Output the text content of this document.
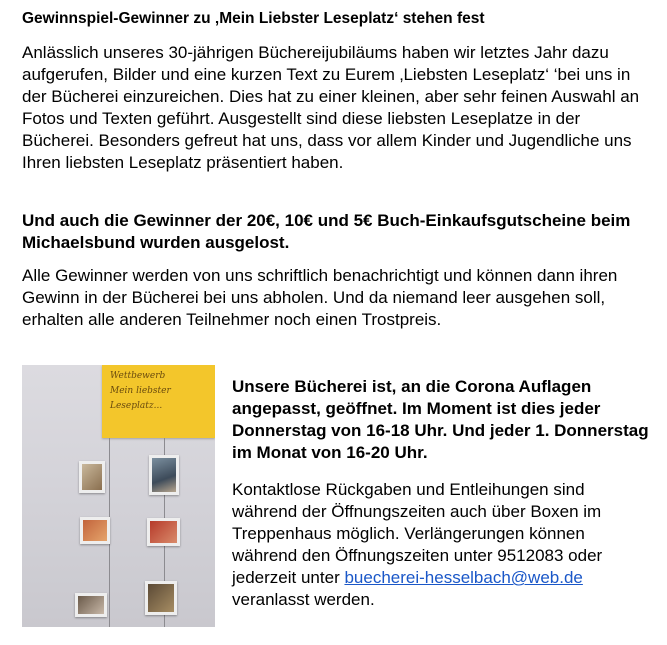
Gewinnspiel-Gewinner zu ‚Mein Liebster Leseplatz‘ stehen fest
Anlässlich unseres 30-jährigen Büchereijubiläums haben wir letztes Jahr dazu aufgerufen, Bilder und eine kurzen Text zu Eurem ‚Liebsten Leseplatz‘ ‘bei uns in der Bücherei einzureichen. Dies hat zu einer kleinen, aber sehr feinen Auswahl an Fotos und Texten geführt. Ausgestellt sind diese liebsten Leseplatze in der Bücherei. Besonders gefreut hat uns, dass vor allem Kinder und Jugendliche uns Ihren liebsten Leseplatz präsentiert haben.
Und auch die Gewinner der 20€, 10€ und 5€ Buch-Einkaufsgutscheine beim Michaelsbund wurden ausgelost.
Alle Gewinner werden von uns schriftlich benachrichtigt und können dann ihren Gewinn in der Bücherei bei uns abholen. Und da niemand leer ausgehen soll, erhalten alle anderen Teilnehmer noch einen Trostpreis.
Wettbewerb
Mein liebster
Leseplatz...
Unsere Bücherei ist, an die Corona Auflagen angepasst, geöffnet. Im Moment ist dies jeder Donnerstag von 16-18 Uhr. Und jeder 1. Donnerstag im Monat von 16-20 Uhr.
Kontaktlose Rückgaben und Entleihungen sind während der Öffnungszeiten auch über Boxen im Treppenhaus möglich. Verlängerungen können während den Öffnungszeiten unter 9512083 oder jederzeit unter buecherei-hesselbach@web.de veranlasst werden.
